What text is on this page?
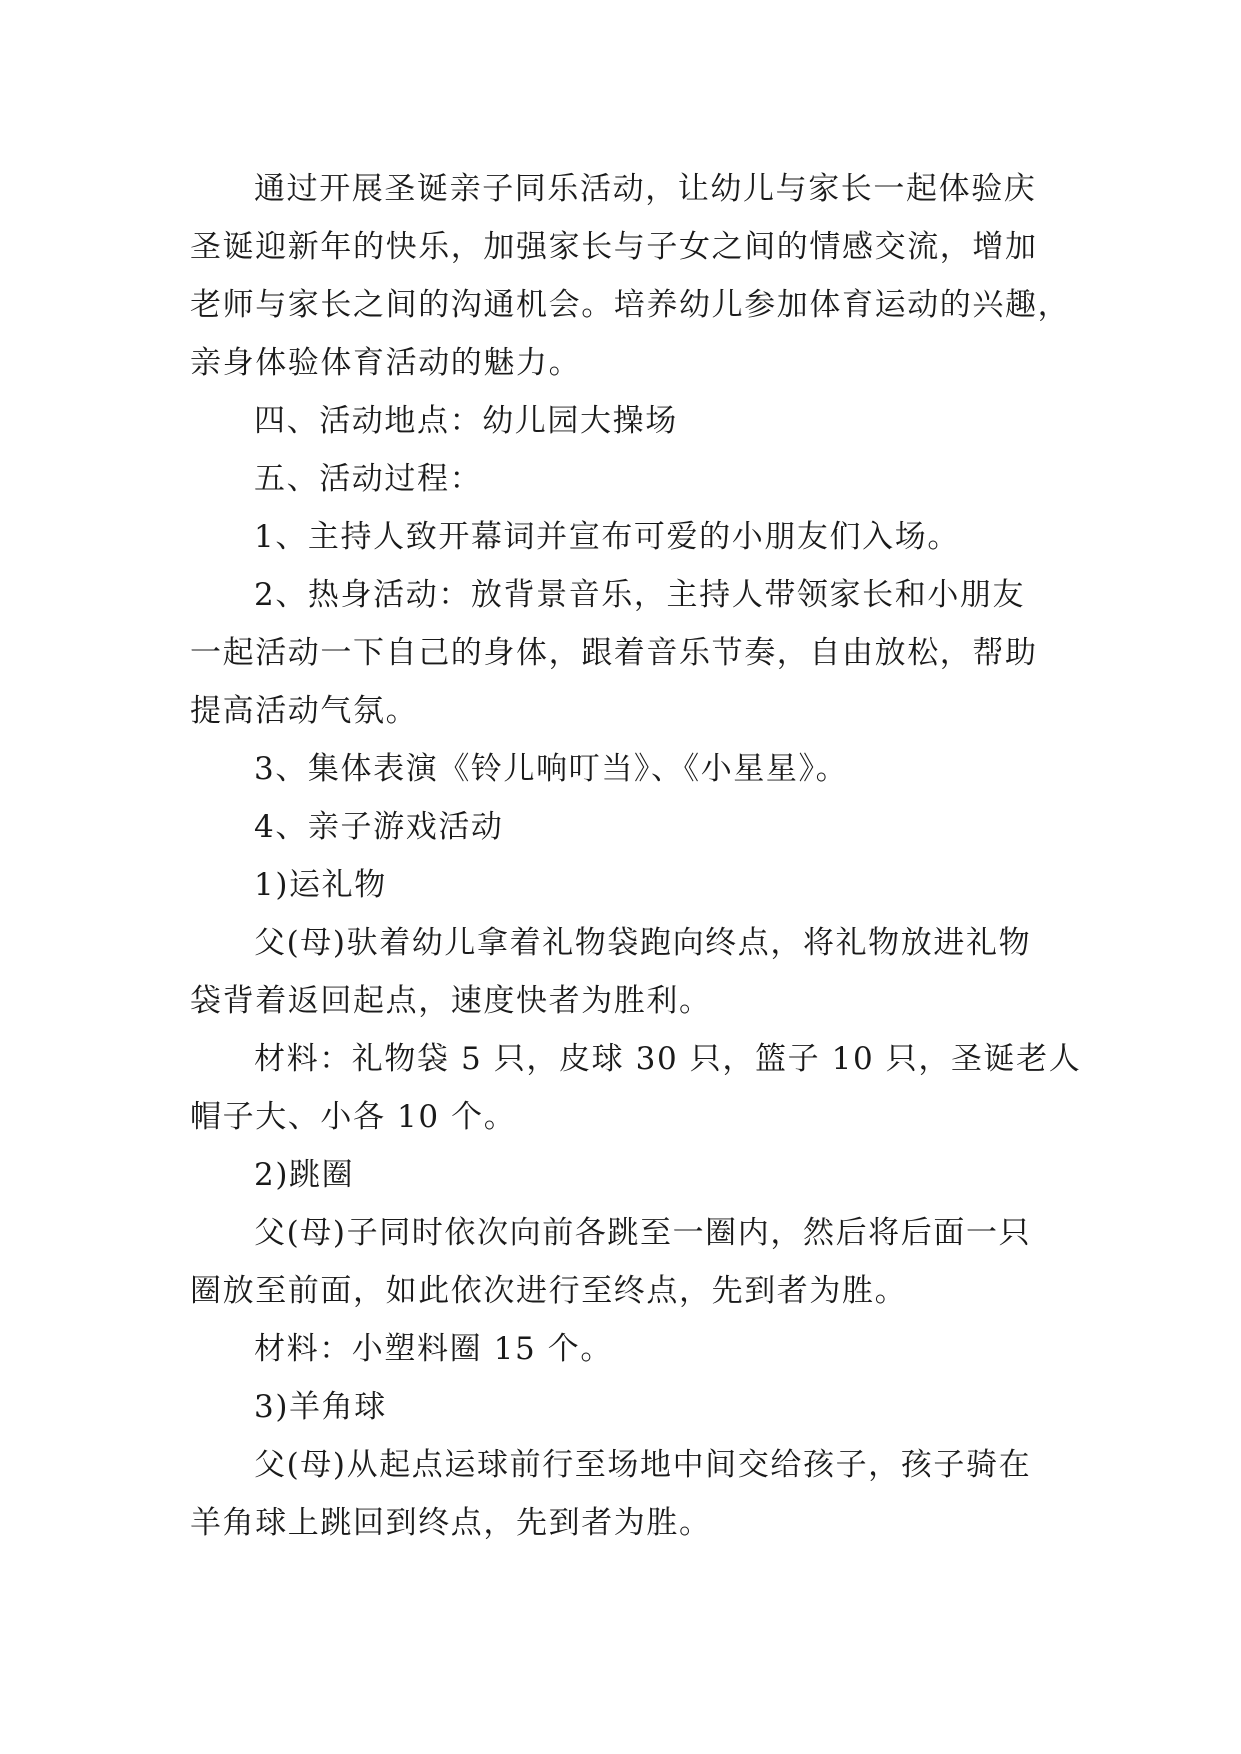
通过开展圣诞亲子同乐活动，让幼儿与家长一起体验庆

圣诞迎新年的快乐，加强家长与子女之间的情感交流，增加

老师与家长之间的沟通机会。培养幼儿参加体育运动的兴趣，

亲身体验体育活动的魅力。

四、活动地点：幼儿园大操场

五、活动过程：

1、主持人致开幕词并宣布可爱的小朋友们入场。

2、热身活动：放背景音乐，主持人带领家长和小朋友

一起活动一下自己的身体，跟着音乐节奏，自由放松，帮助

提高活动气氛。

3、集体表演《铃儿响叮当》、《小星星》。

4、亲子游戏活动

1)运礼物

父(母)驮着幼儿拿着礼物袋跑向终点，将礼物放进礼物

袋背着返回起点，速度快者为胜利。

材料：礼物袋 5 只，皮球 30 只，篮子 10 只，圣诞老人

帽子大、小各 10 个。

2)跳圈

父(母)子同时依次向前各跳至一圈内，然后将后面一只

圈放至前面，如此依次进行至终点，先到者为胜。

材料：小塑料圈 15 个。

3)羊角球

父(母)从起点运球前行至场地中间交给孩子，孩子骑在

羊角球上跳回到终点，先到者为胜。
